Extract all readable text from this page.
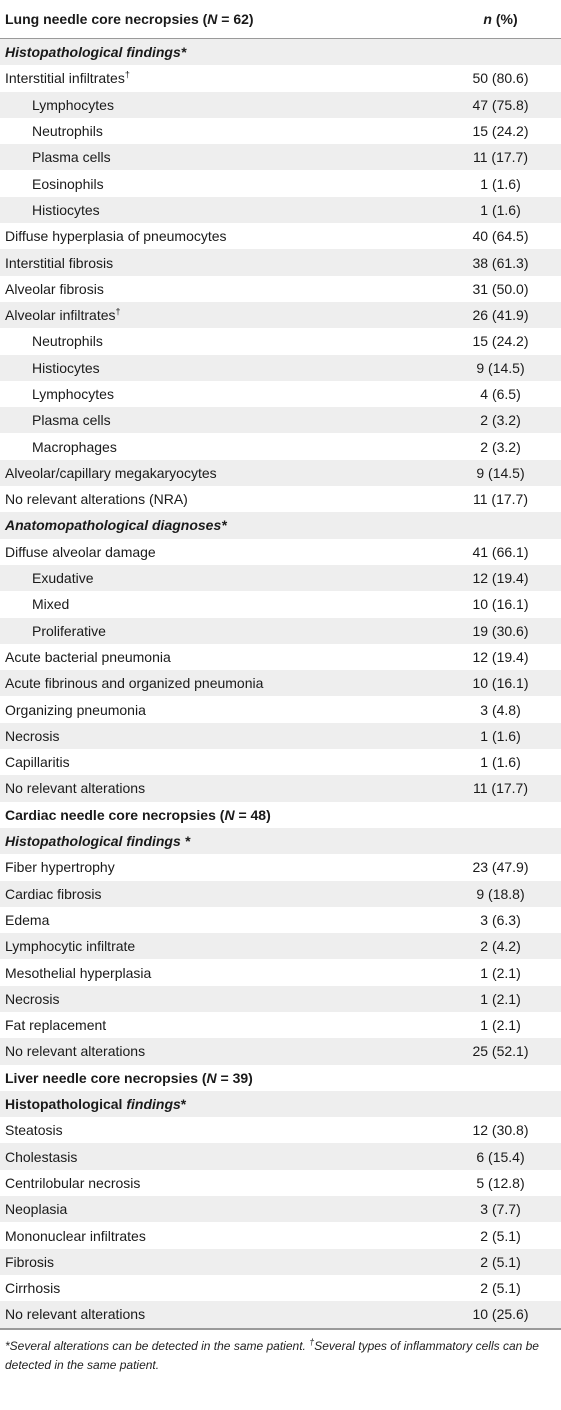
Lung needle core necropsies (N = 62)	n (%)
Histopathological findings*	
Interstitial infiltrates†	50 (80.6)
Lymphocytes	47 (75.8)
Neutrophils	15 (24.2)
Plasma cells	11 (17.7)
Eosinophils	1 (1.6)
Histiocytes	1 (1.6)
Diffuse hyperplasia of pneumocytes	40 (64.5)
Interstitial fibrosis	38 (61.3)
Alveolar fibrosis	31 (50.0)
Alveolar infiltrates†	26 (41.9)
Neutrophils	15 (24.2)
Histiocytes	9 (14.5)
Lymphocytes	4 (6.5)
Plasma cells	2 (3.2)
Macrophages	2 (3.2)
Alveolar/capillary megakaryocytes	9 (14.5)
No relevant alterations (NRA)	11 (17.7)
Anatomopathological diagnoses*	
Diffuse alveolar damage	41 (66.1)
Exudative	12 (19.4)
Mixed	10 (16.1)
Proliferative	19 (30.6)
Acute bacterial pneumonia	12 (19.4)
Acute fibrinous and organized pneumonia	10 (16.1)
Organizing pneumonia	3 (4.8)
Necrosis	1 (1.6)
Capillaritis	1 (1.6)
No relevant alterations	11 (17.7)
Cardiac needle core necropsies (N = 48)	
Histopathological findings *	
Fiber hypertrophy	23 (47.9)
Cardiac fibrosis	9 (18.8)
Edema	3 (6.3)
Lymphocytic infiltrate	2 (4.2)
Mesothelial hyperplasia	1 (2.1)
Necrosis	1 (2.1)
Fat replacement	1 (2.1)
No relevant alterations	25 (52.1)
Liver needle core necropsies (N = 39)	
Histopathological findings*	
Steatosis	12 (30.8)
Cholestasis	6 (15.4)
Centrilobular necrosis	5 (12.8)
Neoplasia	3 (7.7)
Mononuclear infiltrates	2 (5.1)
Fibrosis	2 (5.1)
Cirrhosis	2 (5.1)
No relevant alterations	10 (25.6)
*Several alterations can be detected in the same patient. †Several types of inflammatory cells can be detected in the same patient.
